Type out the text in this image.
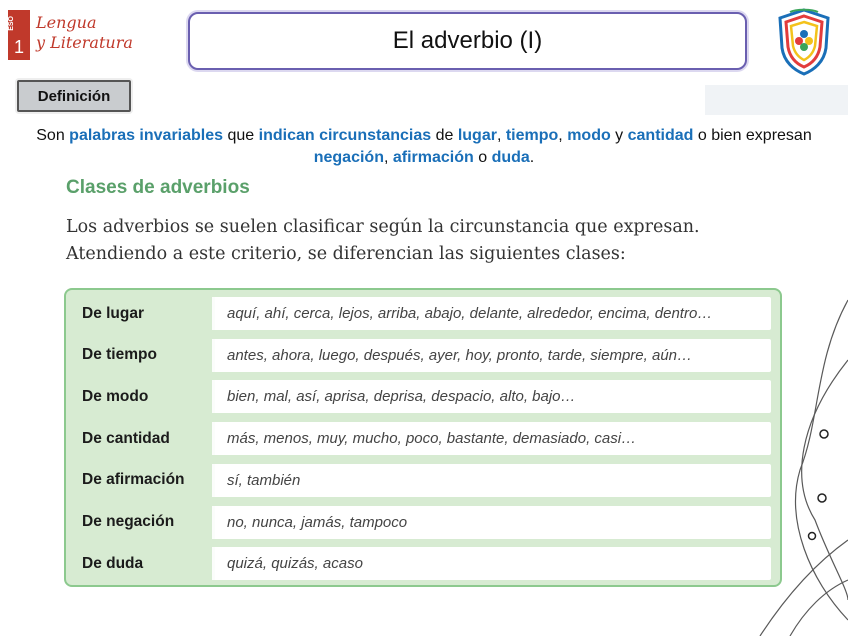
ESO
1
Lengua
y Literatura	El adverbio (I)
Definición
Son palabras invariables que indican circunstancias de lugar, tiempo, modo y cantidad o bien expresan negación, afirmación o duda.
Clases de adverbios
Los adverbios se suelen clasificar según la circunstancia que expresan.
Atendiendo a este criterio, se diferencian las siguientes clases:
De lugar	aquí, ahí, cerca, lejos, arriba, abajo, delante, alrededor, encima, dentro…
De tiempo	antes, ahora, luego, después, ayer, hoy, pronto, tarde, siempre, aún…
De modo	bien, mal, así, aprisa, deprisa, despacio, alto, bajo…
De cantidad	más, menos, muy, mucho, poco, bastante, demasiado, casi…
De afirmación	sí, también
De negación	no, nunca, jamás, tampoco
De duda	quizá, quizás, acaso
